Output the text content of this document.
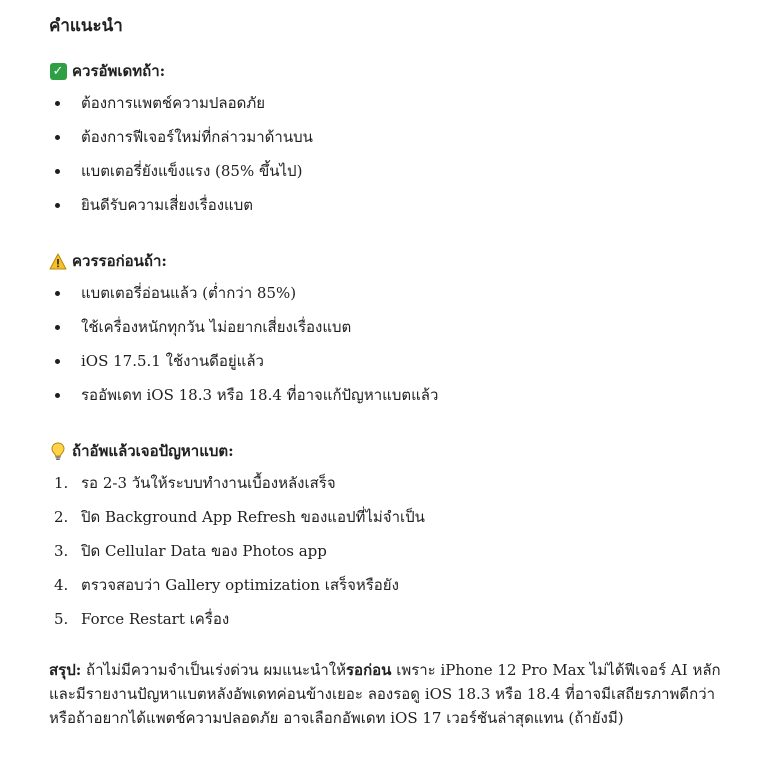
คำแนะนำ
✓ ควรอัพเดทถ้า:
ต้องการแพตช์ความปลอดภัย
ต้องการฟีเจอร์ใหม่ที่กล่าวมาด้านบน
แบตเตอรี่ยังแข็งแรง (85% ขึ้นไป)
ยินดีรับความเสี่ยงเรื่องแบต
ควรรอก่อนถ้า:
แบตเตอรี่อ่อนแล้ว (ต่ำกว่า 85%)
ใช้เครื่องหนักทุกวัน ไม่อยากเสี่ยงเรื่องแบต
iOS 17.5.1 ใช้งานดีอยู่แล้ว
รออัพเดท iOS 18.3 หรือ 18.4 ที่อาจแก้ปัญหาแบตแล้ว
ถ้าอัพแล้วเจอปัญหาแบต:
1. รอ 2-3 วันให้ระบบทำงานเบื้องหลังเสร็จ
2. ปิด Background App Refresh ของแอปที่ไม่จำเป็น
3. ปิด Cellular Data ของ Photos app
4. ตรวจสอบว่า Gallery optimization เสร็จหรือยัง
5. Force Restart เครื่อง

สรุป: ถ้าไม่มีความจำเป็นเร่งด่วน ผมแนะนำให้รอก่อน เพราะ iPhone 12 Pro Max ไม่ได้ฟีเจอร์ AI หลัก และมีรายงานปัญหาแบตหลังอัพเดทค่อนข้างเยอะ ลองรอดู iOS 18.3 หรือ 18.4 ที่อาจมีเสถียรภาพดีกว่า หรือถ้าอยากได้แพตช์ความปลอดภัย อาจเลือกอัพเดท iOS 17 เวอร์ชันล่าสุดแทน (ถ้ายังมี)
